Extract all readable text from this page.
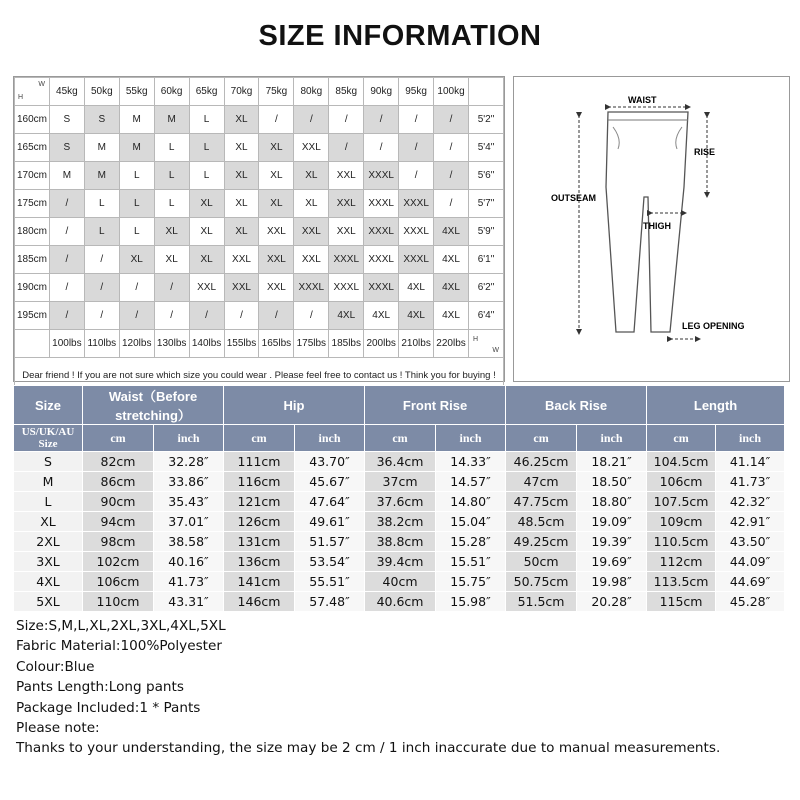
SIZE INFORMATION
H
W	45kg	50kg	55kg	60kg	65kg	70kg	75kg	80kg	85kg	90kg	95kg	100kg	
160cm	S	S	M	M	L	XL	/	/	/	/	/	/	5'2"
165cm	S	M	M	L	L	XL	XL	XXL	/	/	/	/	5'4"
170cm	M	M	L	L	L	XL	XL	XL	XXL	XXXL	/	/	5'6"
175cm	/	L	L	L	XL	XL	XL	XL	XXL	XXXL	XXXL	/	5'7"
180cm	/	L	L	XL	XL	XL	XXL	XXL	XXL	XXXL	XXXL	4XL	5'9"
185cm	/	/	XL	XL	XL	XXL	XXL	XXL	XXXL	XXXL	XXXL	4XL	6'1"
190cm	/	/	/	/	XXL	XXL	XXL	XXXL	XXXL	XXXL	4XL	4XL	6'2"
195cm	/	/	/	/	/	/	/	/	4XL	4XL	4XL	4XL	6'4"
	100lbs	110lbs	120lbs	130lbs	140lbs	155lbs	165lbs	175lbs	185lbs	200lbs	210lbs	220lbs	H
W

Dear friend ! If you are not sure which size you could wear . Please feel free to contact us ! Think you for buying !													
WAIST
RISE
OUTSEAM
THIGH
LEG OPENING
Size	Waist（Before stretching）		Hip		Front Rise		Back Rise		Length	
US/UK/AU Size	cm	inch	cm	inch	cm	inch	cm	inch	cm	inch
S	82cm	32.28″	111cm	43.70″	36.4cm	14.33″	46.25cm	18.21″	104.5cm	41.14″
M	86cm	33.86″	116cm	45.67″	37cm	14.57″	47cm	18.50″	106cm	41.73″
L	90cm	35.43″	121cm	47.64″	37.6cm	14.80″	47.75cm	18.80″	107.5cm	42.32″
XL	94cm	37.01″	126cm	49.61″	38.2cm	15.04″	48.5cm	19.09″	109cm	42.91″
2XL	98cm	38.58″	131cm	51.57″	38.8cm	15.28″	49.25cm	19.39″	110.5cm	43.50″
3XL	102cm	40.16″	136cm	53.54″	39.4cm	15.51″	50cm	19.69″	112cm	44.09″
4XL	106cm	41.73″	141cm	55.51″	40cm	15.75″	50.75cm	19.98″	113.5cm	44.69″
5XL	110cm	43.31″	146cm	57.48″	40.6cm	15.98″	51.5cm	20.28″	115cm	45.28″
Size:S,M,L,XL,2XL,3XL,4XL,5XL
Fabric Material:100%Polyester
Colour:Blue
Pants Length:Long pants
Package Included:1 * Pants
Please note:
Thanks to your understanding, the size may be 2 cm / 1 inch inaccurate due to manual measurements.
